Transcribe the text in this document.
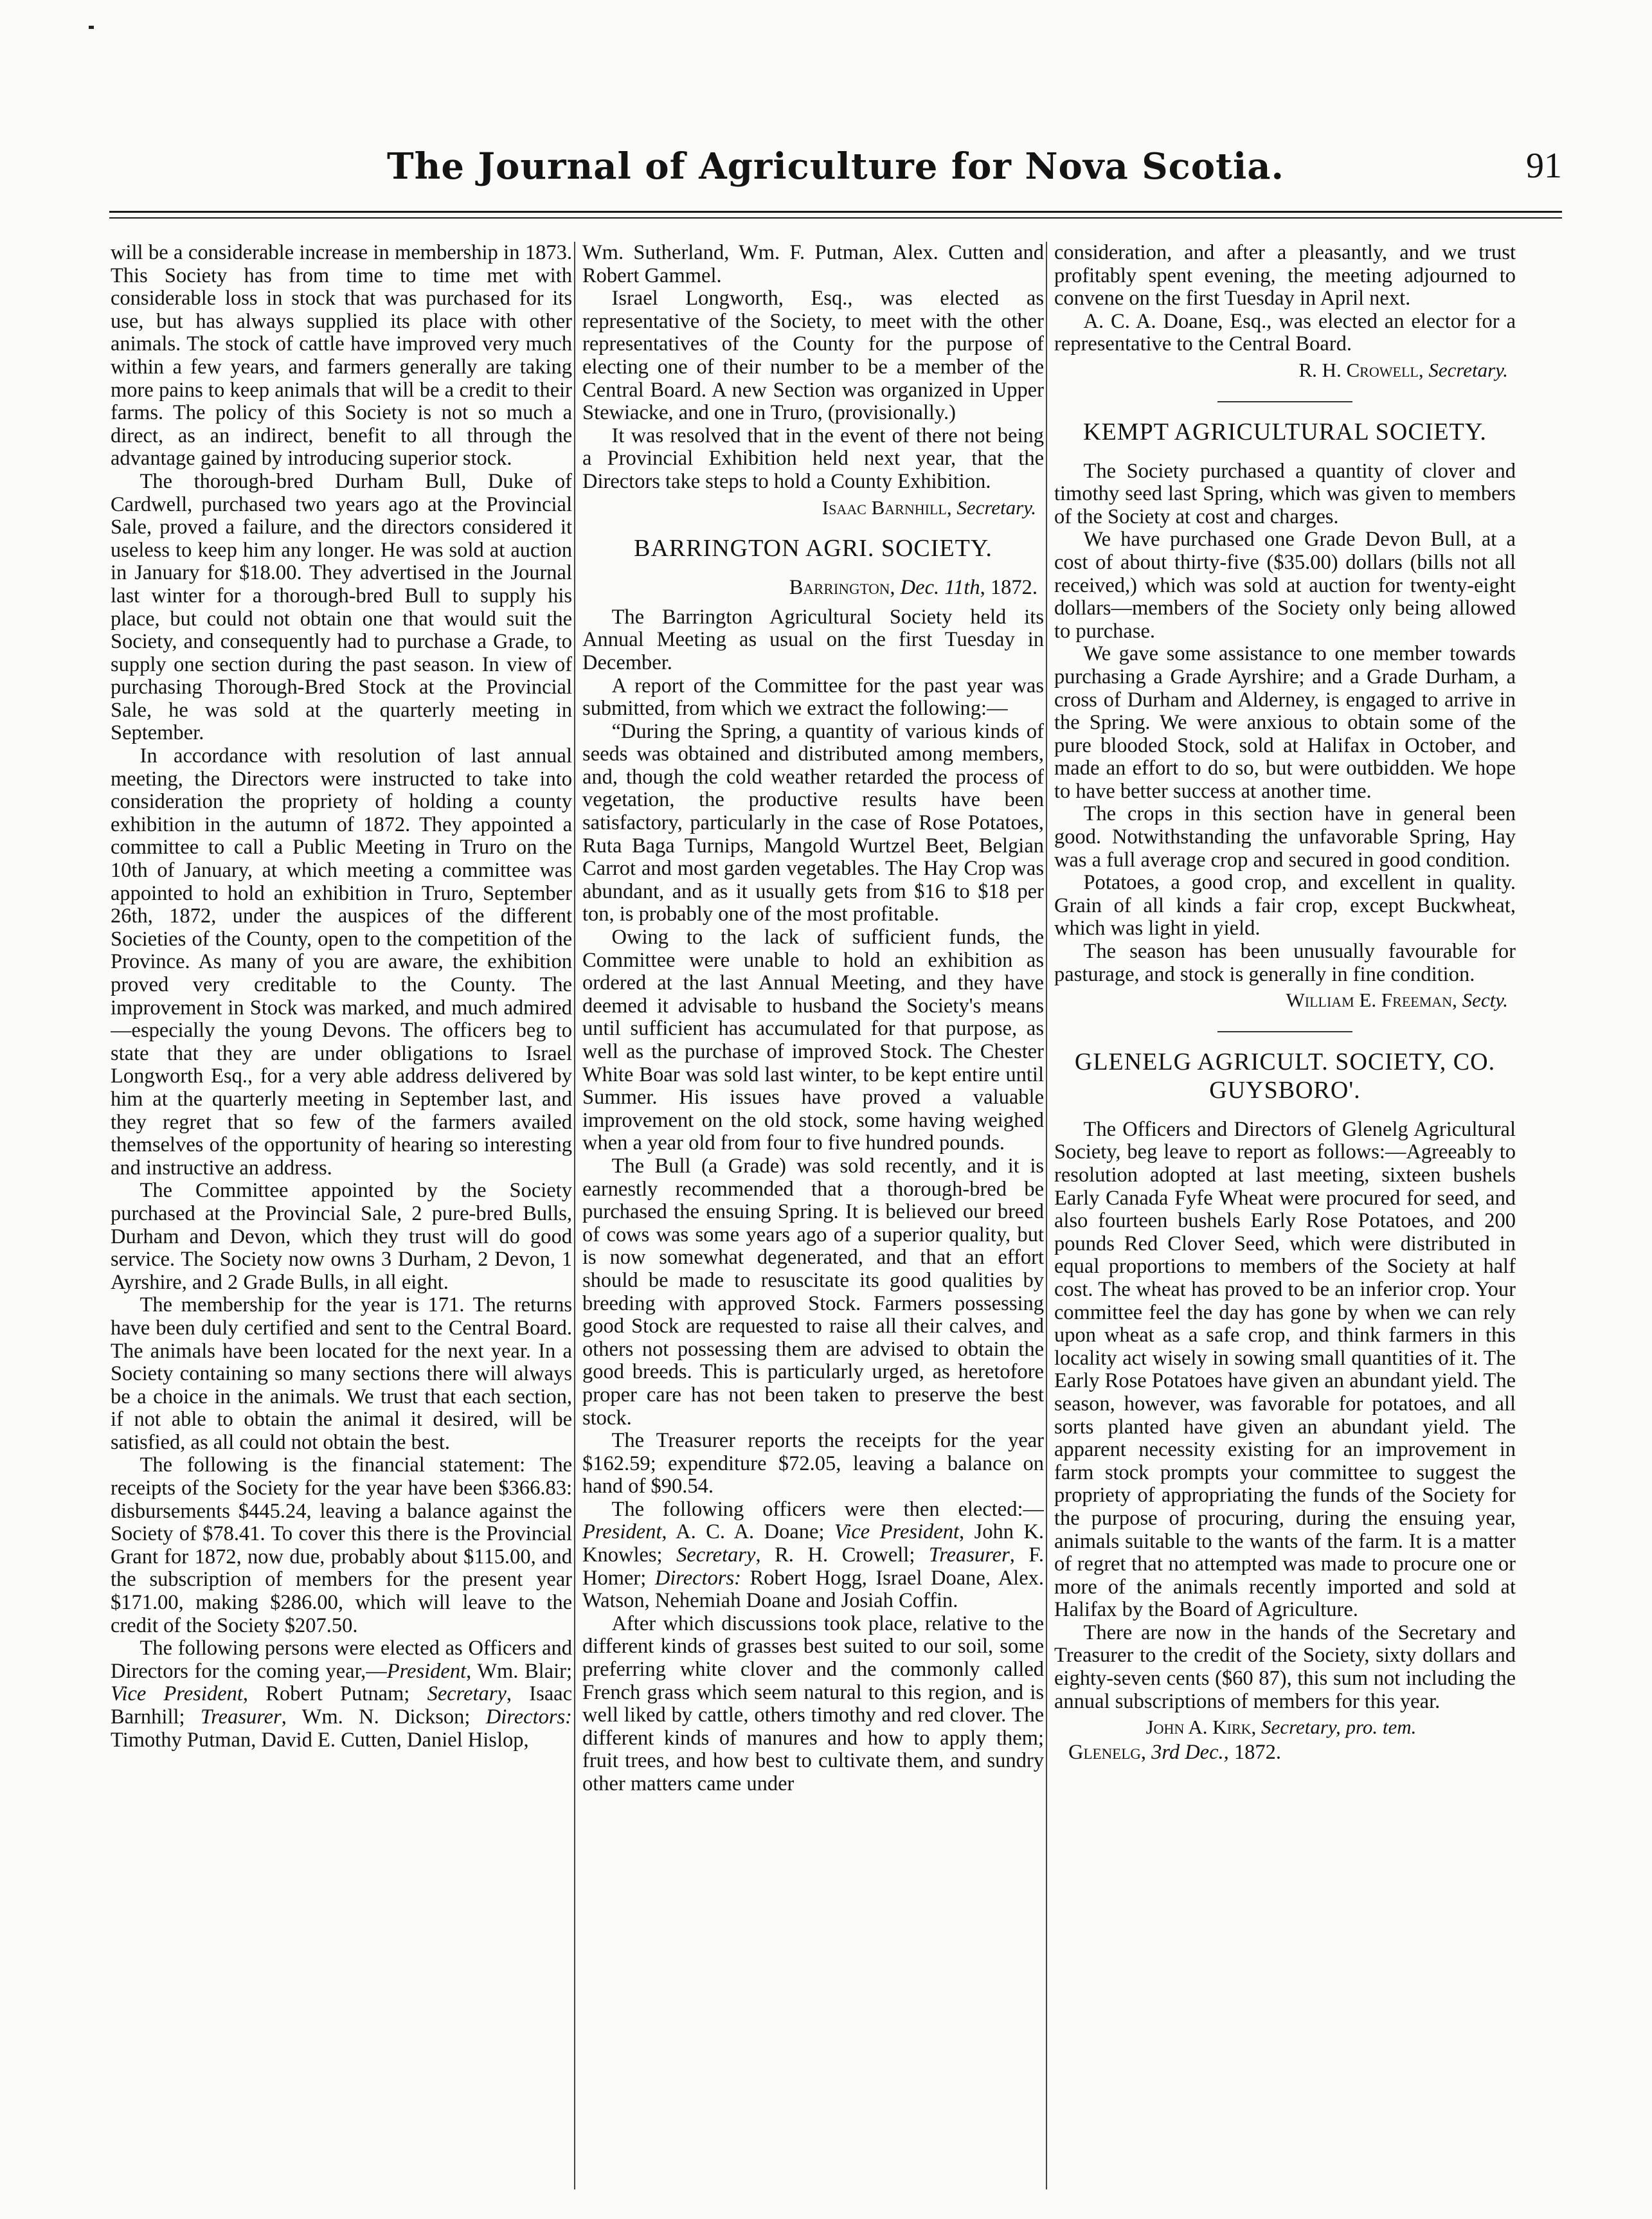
The Journal of Agriculture for Nova Scotia.	91

will be a considerable increase in membership in 1873. This Society has from time to time met with considerable loss in stock that was purchased for its use, but has always supplied its place with other animals. The stock of cattle have improved very much within a few years, and farmers generally are taking more pains to keep animals that will be a credit to their farms. The policy of this Society is not so much a direct, as an indirect, benefit to all through the advantage gained by introducing superior stock.

The thorough-bred Durham Bull, Duke of Cardwell, purchased two years ago at the Provincial Sale, proved a failure, and the directors considered it useless to keep him any longer. He was sold at auction in January for $18.00. They advertised in the Journal last winter for a thorough-bred Bull to supply his place, but could not obtain one that would suit the Society, and consequently had to purchase a Grade, to supply one section during the past season. In view of purchasing Thorough-Bred Stock at the Provincial Sale, he was sold at the quarterly meeting in September.

In accordance with resolution of last annual meeting, the Directors were instructed to take into consideration the propriety of holding a county exhibition in the autumn of 1872. They appointed a committee to call a Public Meeting in Truro on the 10th of January, at which meeting a committee was appointed to hold an exhibition in Truro, September 26th, 1872, under the auspices of the different Societies of the County, open to the competition of the Province. As many of you are aware, the exhibition proved very creditable to the County. The improvement in Stock was marked, and much admired—especially the young Devons. The officers beg to state that they are under obligations to Israel Longworth Esq., for a very able address delivered by him at the quarterly meeting in September last, and they regret that so few of the farmers availed themselves of the opportunity of hearing so interesting and instructive an address.

The Committee appointed by the Society purchased at the Provincial Sale, 2 pure-bred Bulls, Durham and Devon, which they trust will do good service. The Society now owns 3 Durham, 2 Devon, 1 Ayrshire, and 2 Grade Bulls, in all eight.

The membership for the year is 171. The returns have been duly certified and sent to the Central Board. The animals have been located for the next year. In a Society containing so many sections there will always be a choice in the animals. We trust that each section, if not able to obtain the animal it desired, will be satisfied, as all could not obtain the best.

The following is the financial statement: The receipts of the Society for the year have been $366.83: disbursements $445.24, leaving a balance against the Society of $78.41. To cover this there is the Provincial Grant for 1872, now due, probably about $115.00, and the subscription of members for the present year $171.00, making $286.00, which will leave to the credit of the Society $207.50.

The following persons were elected as Officers and Directors for the coming year,—President, Wm. Blair; Vice President, Robert Putnam; Secretary, Isaac Barnhill; Treasurer, Wm. N. Dickson; Directors: Timothy Putman, David E. Cutten, Daniel Hislop,

Wm. Sutherland, Wm. F. Putman, Alex. Cutten and Robert Gammel.

Israel Longworth, Esq., was elected as representative of the Society, to meet with the other representatives of the County for the purpose of electing one of their number to be a member of the Central Board. A new Section was organized in Upper Stewiacke, and one in Truro, (provisionally.)

It was resolved that in the event of there not being a Provincial Exhibition held next year, that the Directors take steps to hold a County Exhibition.

Isaac Barnhill, Secretary.
BARRINGTON AGRI. SOCIETY.
Barrington, Dec. 11th, 1872.

The Barrington Agricultural Society held its Annual Meeting as usual on the first Tuesday in December.

A report of the Committee for the past year was submitted, from which we extract the following:—

“During the Spring, a quantity of various kinds of seeds was obtained and distributed among members, and, though the cold weather retarded the process of vegetation, the productive results have been satisfactory, particularly in the case of Rose Potatoes, Ruta Baga Turnips, Mangold Wurtzel Beet, Belgian Carrot and most garden vegetables. The Hay Crop was abundant, and as it usually gets from $16 to $18 per ton, is probably one of the most profitable.

Owing to the lack of sufficient funds, the Committee were unable to hold an exhibition as ordered at the last Annual Meeting, and they have deemed it advisable to husband the Society's means until sufficient has accumulated for that purpose, as well as the purchase of improved Stock. The Chester White Boar was sold last winter, to be kept entire until Summer. His issues have proved a valuable improvement on the old stock, some having weighed when a year old from four to five hundred pounds.

The Bull (a Grade) was sold recently, and it is earnestly recommended that a thorough-bred be purchased the ensuing Spring. It is believed our breed of cows was some years ago of a superior quality, but is now somewhat degenerated, and that an effort should be made to resuscitate its good qualities by breeding with approved Stock. Farmers possessing good Stock are requested to raise all their calves, and others not possessing them are advised to obtain the good breeds. This is particularly urged, as heretofore proper care has not been taken to preserve the best stock.

The Treasurer reports the receipts for the year $162.59; expenditure $72.05, leaving a balance on hand of $90.54.

The following officers were then elected:—President, A. C. A. Doane; Vice President, John K. Knowles; Secretary, R. H. Crowell; Treasurer, F. Homer; Directors: Robert Hogg, Israel Doane, Alex. Watson, Nehemiah Doane and Josiah Coffin.

After which discussions took place, relative to the different kinds of grasses best suited to our soil, some preferring white clover and the commonly called French grass which seem natural to this region, and is well liked by cattle, others timothy and red clover. The different kinds of manures and how to apply them; fruit trees, and how best to cultivate them, and sundry other matters came under

consideration, and after a pleasantly, and we trust profitably spent evening, the meeting adjourned to convene on the first Tuesday in April next.

A. C. A. Doane, Esq., was elected an elector for a representative to the Central Board.

R. H. Crowell, Secretary.
KEMPT AGRICULTURAL SOCIETY.

The Society purchased a quantity of clover and timothy seed last Spring, which was given to members of the Society at cost and charges.

We have purchased one Grade Devon Bull, at a cost of about thirty-five ($35.00) dollars (bills not all received,) which was sold at auction for twenty-eight dollars—members of the Society only being allowed to purchase.

We gave some assistance to one member towards purchasing a Grade Ayrshire; and a Grade Durham, a cross of Durham and Alderney, is engaged to arrive in the Spring. We were anxious to obtain some of the pure blooded Stock, sold at Halifax in October, and made an effort to do so, but were outbidden. We hope to have better success at another time.

The crops in this section have in general been good. Notwithstanding the unfavorable Spring, Hay was a full average crop and secured in good condition.

Potatoes, a good crop, and excellent in quality. Grain of all kinds a fair crop, except Buckwheat, which was light in yield.

The season has been unusually favourable for pasturage, and stock is generally in fine condition.

William E. Freeman, Secty.
GLENELG AGRICULT. SOCIETY, CO. GUYSBORO'.

The Officers and Directors of Glenelg Agricultural Society, beg leave to report as follows:—Agreeably to resolution adopted at last meeting, sixteen bushels Early Canada Fyfe Wheat were procured for seed, and also fourteen bushels Early Rose Potatoes, and 200 pounds Red Clover Seed, which were distributed in equal proportions to members of the Society at half cost. The wheat has proved to be an inferior crop. Your committee feel the day has gone by when we can rely upon wheat as a safe crop, and think farmers in this locality act wisely in sowing small quantities of it. The Early Rose Potatoes have given an abundant yield. The season, however, was favorable for potatoes, and all sorts planted have given an abundant yield. The apparent necessity existing for an improvement in farm stock prompts your committee to suggest the propriety of appropriating the funds of the Society for the purpose of procuring, during the ensuing year, animals suitable to the wants of the farm. It is a matter of regret that no attempted was made to procure one or more of the animals recently imported and sold at Halifax by the Board of Agriculture.

There are now in the hands of the Secretary and Treasurer to the credit of the Society, sixty dollars and eighty-seven cents ($60 87), this sum not including the annual subscriptions of members for this year.

John A. Kirk, Secretary, pro. tem.
Glenelg, 3rd Dec., 1872.
